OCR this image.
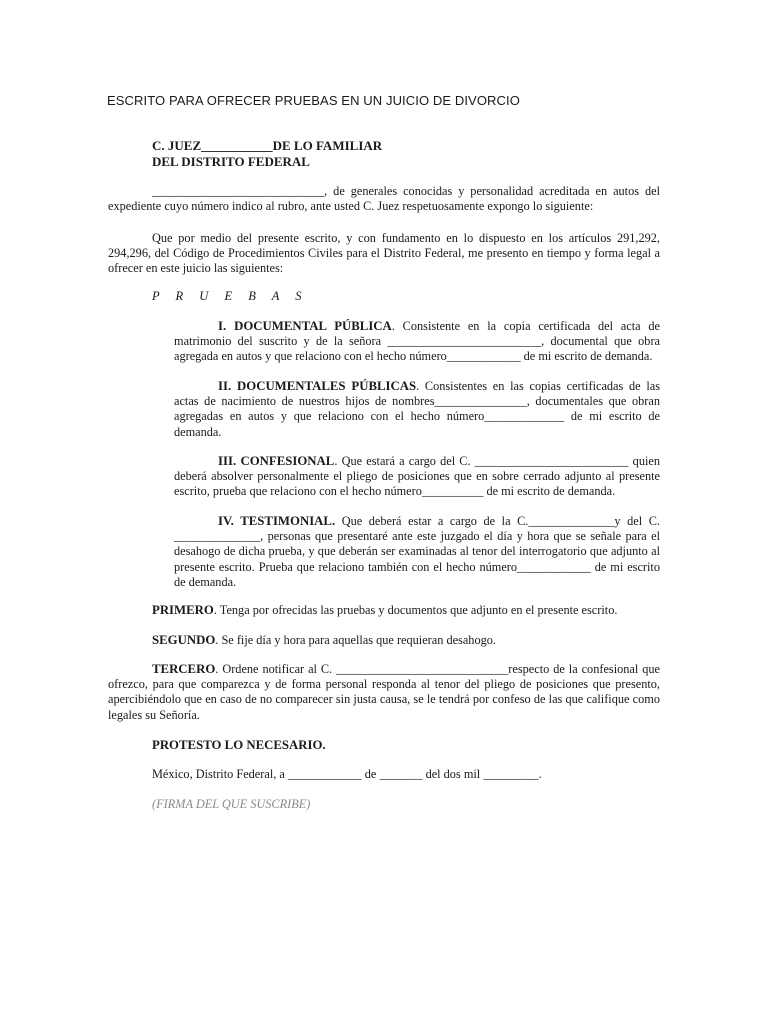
ESCRITO PARA OFRECER PRUEBAS EN UN JUICIO DE DIVORCIO
C. JUEZ___________DE LO FAMILIAR
DEL DISTRITO FEDERAL
____________________________, de generales conocidas y personalidad acreditada en autos del expediente cuyo número indico al rubro, ante usted C. Juez respetuosamente expongo lo siguiente:
Que por medio del presente escrito, y con fundamento en lo dispuesto en los artículos 291,292, 294,296, del Código de Procedimientos Civiles para el Distrito Federal, me presento en tiempo y forma legal a ofrecer en este juicio las siguientes:
P R U E B A S
I. DOCUMENTAL PÚBLICA. Consistente en la copia certificada del acta de matrimonio del suscrito y de la señora _________________________, documental que obra agregada en autos y que relaciono con el hecho número____________ de mi escrito de demanda.
II. DOCUMENTALES PÚBLICAS. Consistentes en las copias certificadas de las actas de nacimiento de nuestros hijos de nombres_______________, documentales que obran agregadas en autos y que relaciono con el hecho número_____________ de mi escrito de demanda.
III. CONFESIONAL. Que estará a cargo del C. _________________________ quien deberá absolver personalmente el pliego de posiciones que en sobre cerrado adjunto al presente escrito, prueba que relaciono con el hecho número__________ de mi escrito de demanda.
IV. TESTIMONIAL. Que deberá estar a cargo de la C.______________y del C. ______________, personas que presentaré ante este juzgado el día y hora que se señale para el desahogo de dicha prueba, y que deberán ser examinadas al tenor del interrogatorio que adjunto al presente escrito. Prueba que relaciono también con el hecho número____________ de mi escrito de demanda.
PRIMERO. Tenga por ofrecidas las pruebas y documentos que adjunto en el presente escrito.
SEGUNDO. Se fije día y hora para aquellas que requieran desahogo.
TERCERO. Ordene notificar al C. ____________________________respecto de la confesional que ofrezco, para que comparezca y de forma personal responda al tenor del pliego de posiciones que presento, apercibiéndolo que en caso de no comparecer sin justa causa, se le tendrá por confeso de las que califique como legales su Señoría.
PROTESTO LO NECESARIO.
México, Distrito Federal, a ____________ de _______ del dos mil _________.
(FIRMA DEL QUE SUSCRIBE)
